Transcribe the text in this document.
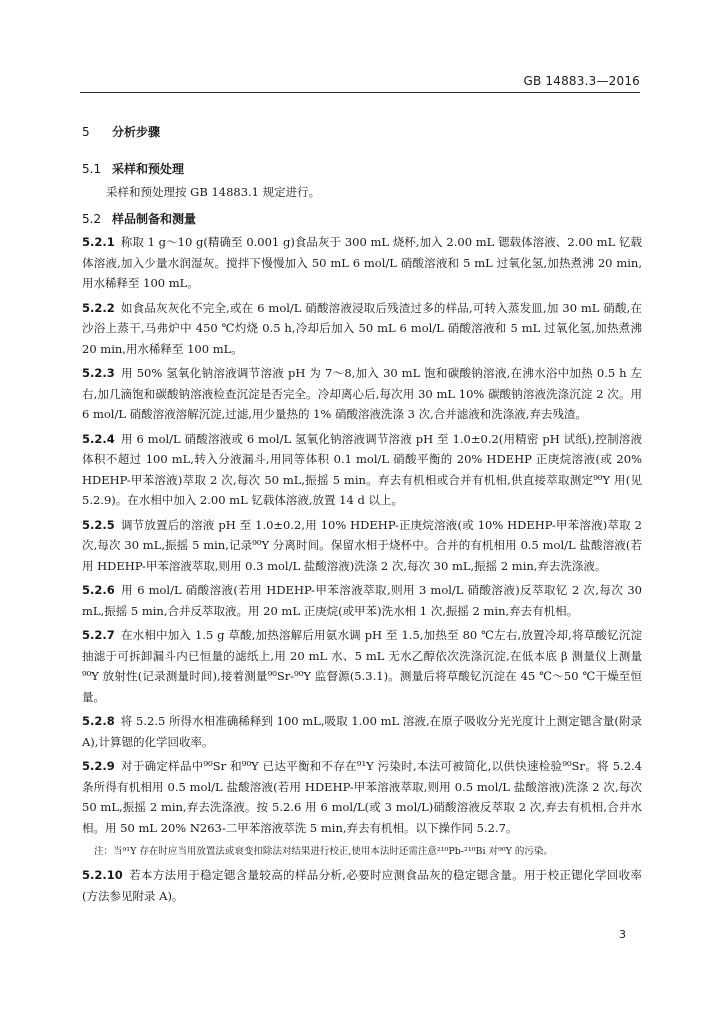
GB 14883.3—2016
5 分析步骤
5.1 采样和预处理

采样和预处理按 GB 14883.1 规定进行。

5.2 样品制备和测量

5.2.1 称取 1 g～10 g(精确至 0.001 g)食品灰于 300 mL 烧杯,加入 2.00 mL 锶载体溶液、2.00 mL 钇载体溶液,加入少量水润湿灰。搅拌下慢慢加入 50 mL 6 mol/L 硝酸溶液和 5 mL 过氧化氢,加热煮沸 20 min,用水稀释至 100 mL。

5.2.2 如食品灰灰化不完全,或在 6 mol/L 硝酸溶液浸取后残渣过多的样品,可转入蒸发皿,加 30 mL 硝酸,在沙浴上蒸干,马弗炉中 450 ℃灼烧 0.5 h,冷却后加入 50 mL 6 mol/L 硝酸溶液和 5 mL 过氧化氢,加热煮沸 20 min,用水稀释至 100 mL。

5.2.3 用 50% 氢氧化钠溶液调节溶液 pH 为 7～8,加入 30 mL 饱和碳酸钠溶液,在沸水浴中加热 0.5 h 左右,加几滴饱和碳酸钠溶液检查沉淀是否完全。冷却离心后,每次用 30 mL 10% 碳酸钠溶液洗涤沉淀 2 次。用 6 mol/L 硝酸溶液溶解沉淀,过滤,用少量热的 1% 硝酸溶液洗涤 3 次,合并滤液和洗涤液,弃去残渣。

5.2.4 用 6 mol/L 硝酸溶液或 6 mol/L 氢氧化钠溶液调节溶液 pH 至 1.0±0.2(用精密 pH 试纸),控制溶液体积不超过 100 mL,转入分液漏斗,用同等体积 0.1 mol/L 硝酸平衡的 20% HDEHP 正庚烷溶液(或 20% HDEHP-甲苯溶液)萃取 2 次,每次 50 mL,振摇 5 min。弃去有机相或合并有机相,供直接萃取测定⁹⁰Y 用(见 5.2.9)。在水相中加入 2.00 mL 钇载体溶液,放置 14 d 以上。

5.2.5 调节放置后的溶液 pH 至 1.0±0.2,用 10% HDEHP-正庚烷溶液(或 10% HDEHP-甲苯溶液)萃取 2 次,每次 30 mL,振摇 5 min,记录⁹⁰Y 分离时间。保留水相于烧杯中。合并的有机相用 0.5 mol/L 盐酸溶液(若用 HDEHP-甲苯溶液萃取,则用 0.3 mol/L 盐酸溶液)洗涤 2 次,每次 30 mL,振摇 2 min,弃去洗涤液。

5.2.6 用 6 mol/L 硝酸溶液(若用 HDEHP-甲苯溶液萃取,则用 3 mol/L 硝酸溶液)反萃取钇 2 次,每次 30 mL,振摇 5 min,合并反萃取液。用 20 mL 正庚烷(或甲苯)洗水相 1 次,振摇 2 min,弃去有机相。

5.2.7 在水相中加入 1.5 g 草酸,加热溶解后用氨水调 pH 至 1.5,加热至 80 ℃左右,放置冷却,将草酸钇沉淀抽滤于可拆卸漏斗内已恒量的滤纸上,用 20 mL 水、5 mL 无水乙醇依次洗涤沉淀,在低本底 β 测量仪上测量⁹⁰Y 放射性(记录测量时间),接着测量⁹⁰Sr-⁹⁰Y 监督源(5.3.1)。测量后将草酸钇沉淀在 45 ℃～50 ℃干燥至恒量。

5.2.8 将 5.2.5 所得水相准确稀释到 100 mL,吸取 1.00 mL 溶液,在原子吸收分光光度计上测定锶含量(附录 A),计算锶的化学回收率。

5.2.9 对于确定样品中⁹⁰Sr 和⁹⁰Y 已达平衡和不存在⁹¹Y 污染时,本法可被简化,以供快速检验⁹⁰Sr。将 5.2.4 条所得有机相用 0.5 mol/L 盐酸溶液(若用 HDEHP-甲苯溶液萃取,则用 0.5 mol/L 盐酸溶液)洗涤 2 次,每次 50 mL,振摇 2 min,弃去洗涤液。按 5.2.6 用 6 mol/L(或 3 mol/L)硝酸溶液反萃取 2 次,弃去有机相,合并水相。用 50 mL 20% N263-二甲苯溶液萃洗 5 min,弃去有机相。以下操作同 5.2.7。

注：当⁹¹Y 存在时应当用放置法或衰变扣除法对结果进行校正,使用本法时还需注意²¹⁰Pb-²¹⁰Bi 对⁹⁰Y 的污染。

5.2.10 若本方法用于稳定锶含量较高的样品分析,必要时应测食品灰的稳定锶含量。用于校正锶化学回收率(方法参见附录 A)。

3
